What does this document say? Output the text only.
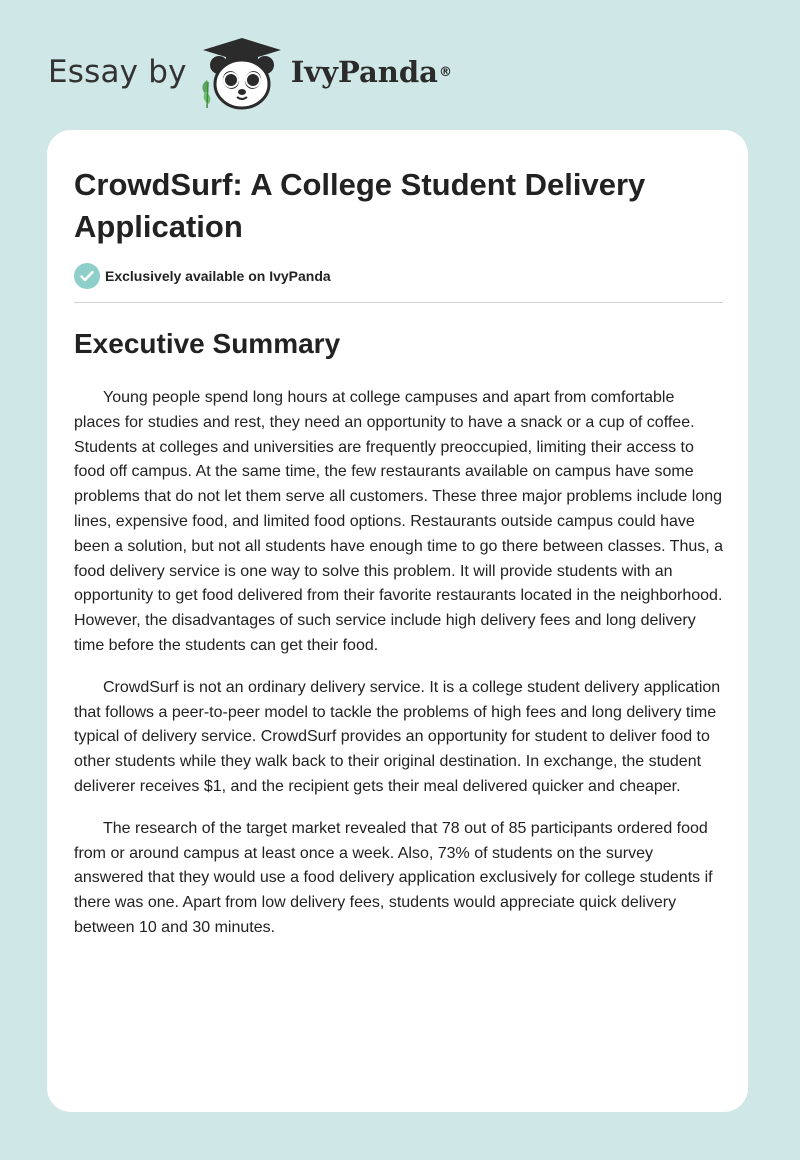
Essay by	IvyPanda ®
CrowdSurf: A College Student Delivery Application
Exclusively available on IvyPanda
Executive Summary

Young people spend long hours at college campuses and apart from comfortable places for studies and rest, they need an opportunity to have a snack or a cup of coffee. Students at colleges and universities are frequently preoccupied, limiting their access to food off campus. At the same time, the few restaurants available on campus have some problems that do not let them serve all customers. These three major problems include long lines, expensive food, and limited food options. Restaurants outside campus could have been a solution, but not all students have enough time to go there between classes. Thus, a food delivery service is one way to solve this problem. It will provide students with an opportunity to get food delivered from their favorite restaurants located in the neighborhood. However, the disadvantages of such service include high delivery fees and long delivery time before the students can get their food.

CrowdSurf is not an ordinary delivery service. It is a college student delivery application that follows a peer-to-peer model to tackle the problems of high fees and long delivery time typical of delivery service. CrowdSurf provides an opportunity for student to deliver food to other students while they walk back to their original destination. In exchange, the student deliverer receives $1, and the recipient gets their meal delivered quicker and cheaper.

The research of the target market revealed that 78 out of 85 participants ordered food from or around campus at least once a week. Also, 73% of students on the survey answered that they would use a food delivery application exclusively for college students if there was one. Apart from low delivery fees, students would appreciate quick delivery between 10 and 30 minutes.
